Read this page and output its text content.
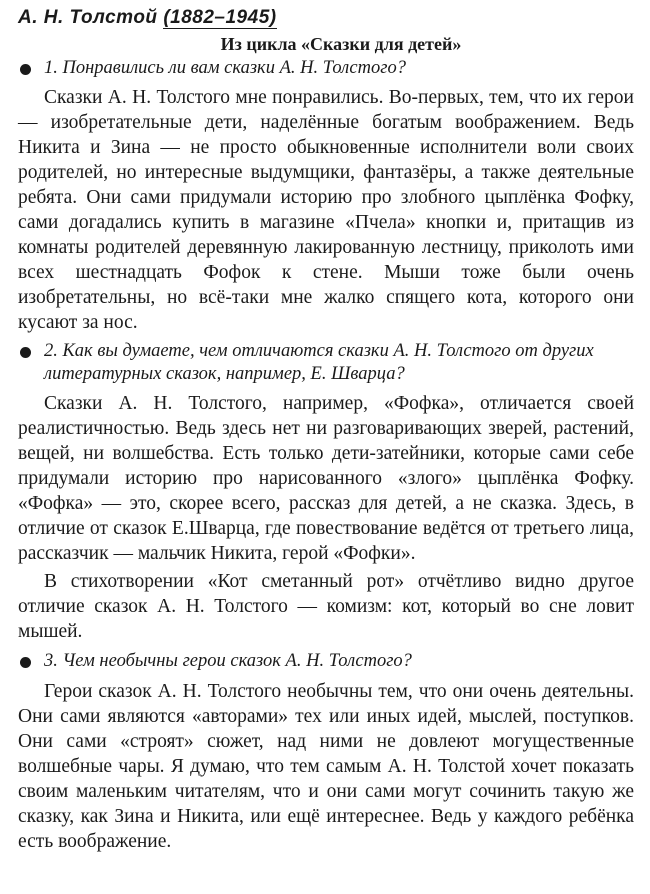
А. Н. Толстой (1882–1945)
Из цикла «Сказки для детей»

1. Понравились ли вам сказки А. Н. Толстого?

Сказки А. Н. Толстого мне понравились. Во-первых, тем, что их герои — изобретательные дети, наделённые богатым воображением. Ведь Никита и Зина — не просто обыкновенные исполнители воли своих родителей, но интересные выдумщики, фантазёры, а также деятельные ребята. Они сами придумали историю про злобного цыплёнка Фофку, сами догадались купить в магазине «Пчела» кнопки и, притащив из комнаты родителей деревянную лакированную лестницу, приколоть ими всех шестнадцать Фофок к стене. Мыши тоже были очень изобретательны, но всё-таки мне жалко спящего кота, которого они кусают за нос.

2. Как вы думаете, чем отличаются сказки А. Н. Толстого от других литературных сказок, например, Е. Шварца?

Сказки А. Н. Толстого, например, «Фофка», отличается своей реалистичностью. Ведь здесь нет ни разговаривающих зверей, растений, вещей, ни волшебства. Есть только дети-затейники, которые сами себе придумали историю про нарисованного «злого» цыплёнка Фофку. «Фофка» — это, скорее всего, рассказ для детей, а не сказка. Здесь, в отличие от сказок Е.Шварца, где повествование ведётся от третьего лица, рассказчик — мальчик Никита, герой «Фофки».

В стихотворении «Кот сметанный рот» отчётливо видно другое отличие сказок А. Н. Толстого — комизм: кот, который во сне ловит мышей.

3. Чем необычны герои сказок А. Н. Толстого?

Герои сказок А. Н. Толстого необычны тем, что они очень деятельны. Они сами являются «авторами» тех или иных идей, мыслей, поступков. Они сами «строят» сюжет, над ними не довлеют могущественные волшебные чары. Я думаю, что тем самым А. Н. Толстой хочет показать своим маленьким читателям, что и они сами могут сочинить такую же сказку, как Зина и Никита, или ещё интереснее. Ведь у каждого ребёнка есть воображение.
